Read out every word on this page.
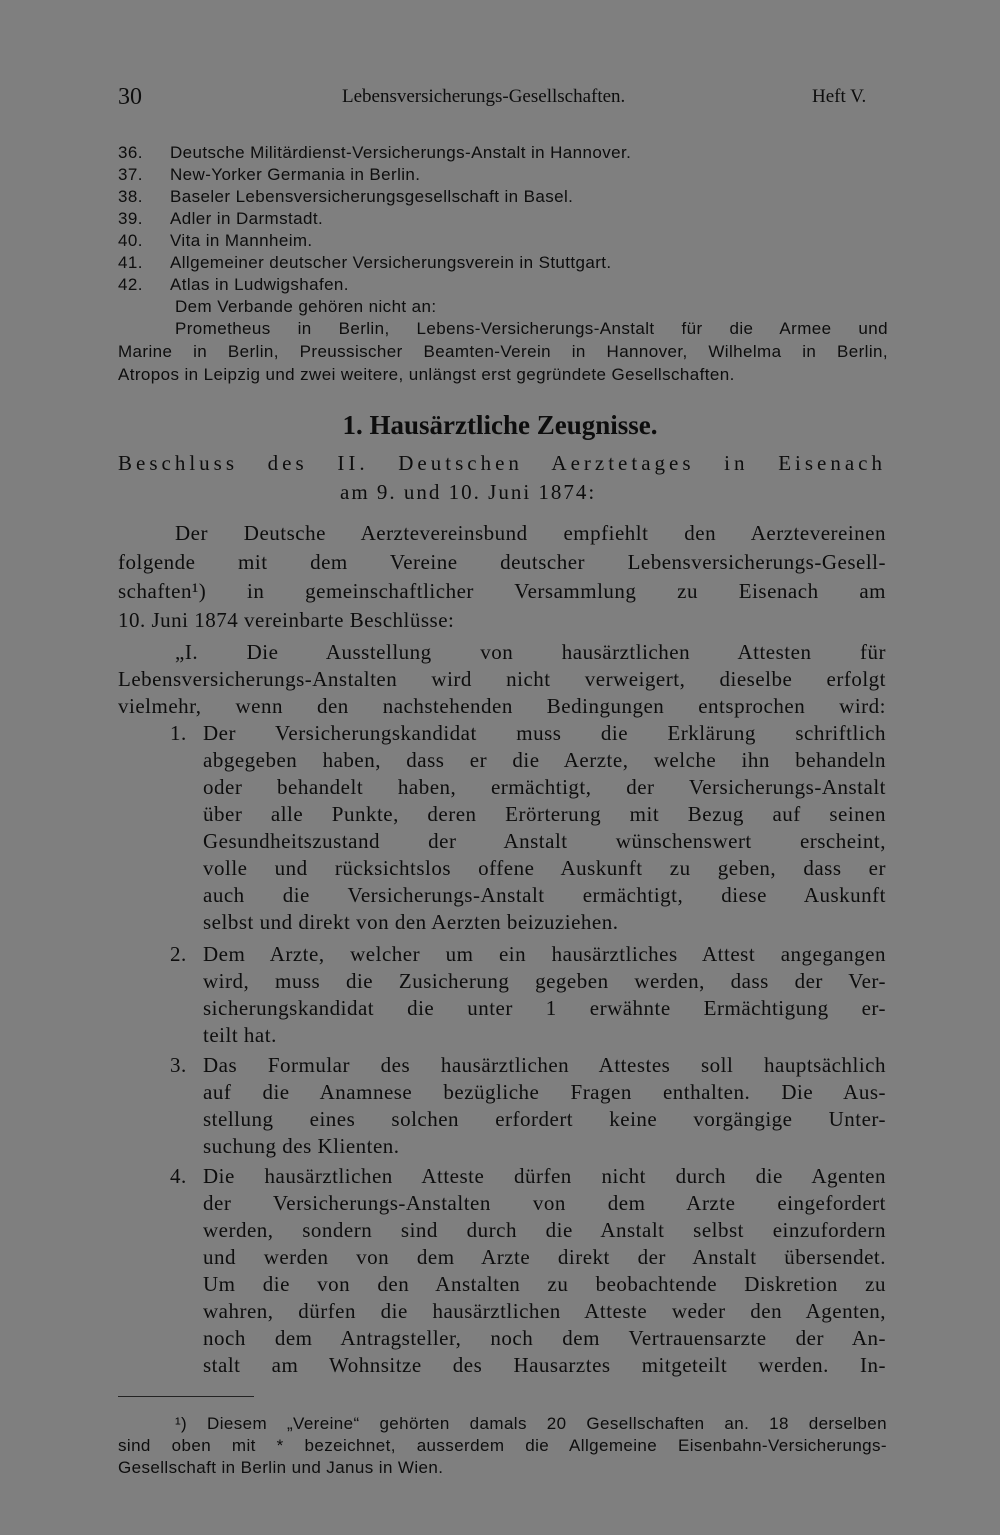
30	Lebensversicherungs-Gesellschaften.	Heft V.
36. Deutsche Militärdienst-Versicherungs-Anstalt in Hannover.
37. New-Yorker Germania in Berlin.
38. Baseler Lebensversicherungsgesellschaft in Basel.
39. Adler in Darmstadt.
40. Vita in Mannheim.
41. Allgemeiner deutscher Versicherungsverein in Stuttgart.
42. Atlas in Ludwigshafen.
Dem Verbande gehören nicht an:
Prometheus in Berlin, Lebens-Versicherungs-Anstalt für die Armee und
Marine in Berlin, Preussischer Beamten-Verein in Hannover, Wilhelma in Berlin,
Atropos in Leipzig und zwei weitere, unlängst erst gegründete Gesellschaften.
1. Hausärztliche Zeugnisse.
Beschluss des II. Deutschen Aerztetages in Eisenach
am 9. und 10. Juni 1874:
Der Deutsche Aerztevereinsbund empfiehlt den Aerztevereinen
folgende mit dem Vereine deutscher Lebensversicherungs-Gesell-
schaften¹) in gemeinschaftlicher Versammlung zu Eisenach am
10. Juni 1874 vereinbarte Beschlüsse:
„I. Die Ausstellung von hausärztlichen Attesten für
Lebensversicherungs-Anstalten wird nicht verweigert, dieselbe erfolgt
vielmehr, wenn den nachstehenden Bedingungen entsprochen wird:
1. Der Versicherungskandidat muss die Erklärung schriftlich
abgegeben haben, dass er die Aerzte, welche ihn behandeln
oder behandelt haben, ermächtigt, der Versicherungs-Anstalt
über alle Punkte, deren Erörterung mit Bezug auf seinen
Gesundheitszustand der Anstalt wünschenswert erscheint,
volle und rücksichtslos offene Auskunft zu geben, dass er
auch die Versicherungs-Anstalt ermächtigt, diese Auskunft
selbst und direkt von den Aerzten beizuziehen.
2. Dem Arzte, welcher um ein hausärztliches Attest angegangen
wird, muss die Zusicherung gegeben werden, dass der Ver-
sicherungskandidat die unter 1 erwähnte Ermächtigung er-
teilt hat.
3. Das Formular des hausärztlichen Attestes soll hauptsächlich
auf die Anamnese bezügliche Fragen enthalten. Die Aus-
stellung eines solchen erfordert keine vorgängige Unter-
suchung des Klienten.
4. Die hausärztlichen Atteste dürfen nicht durch die Agenten
der Versicherungs-Anstalten von dem Arzte eingefordert
werden, sondern sind durch die Anstalt selbst einzufordern
und werden von dem Arzte direkt der Anstalt übersendet.
Um die von den Anstalten zu beobachtende Diskretion zu
wahren, dürfen die hausärztlichen Atteste weder den Agenten,
noch dem Antragsteller, noch dem Vertrauensarzte der An-
stalt am Wohnsitze des Hausarztes mitgeteilt werden. In-
¹) Diesem „Vereine“ gehörten damals 20 Gesellschaften an. 18 derselben
sind oben mit * bezeichnet, ausserdem die Allgemeine Eisenbahn-Versicherungs-
Gesellschaft in Berlin und Janus in Wien.
